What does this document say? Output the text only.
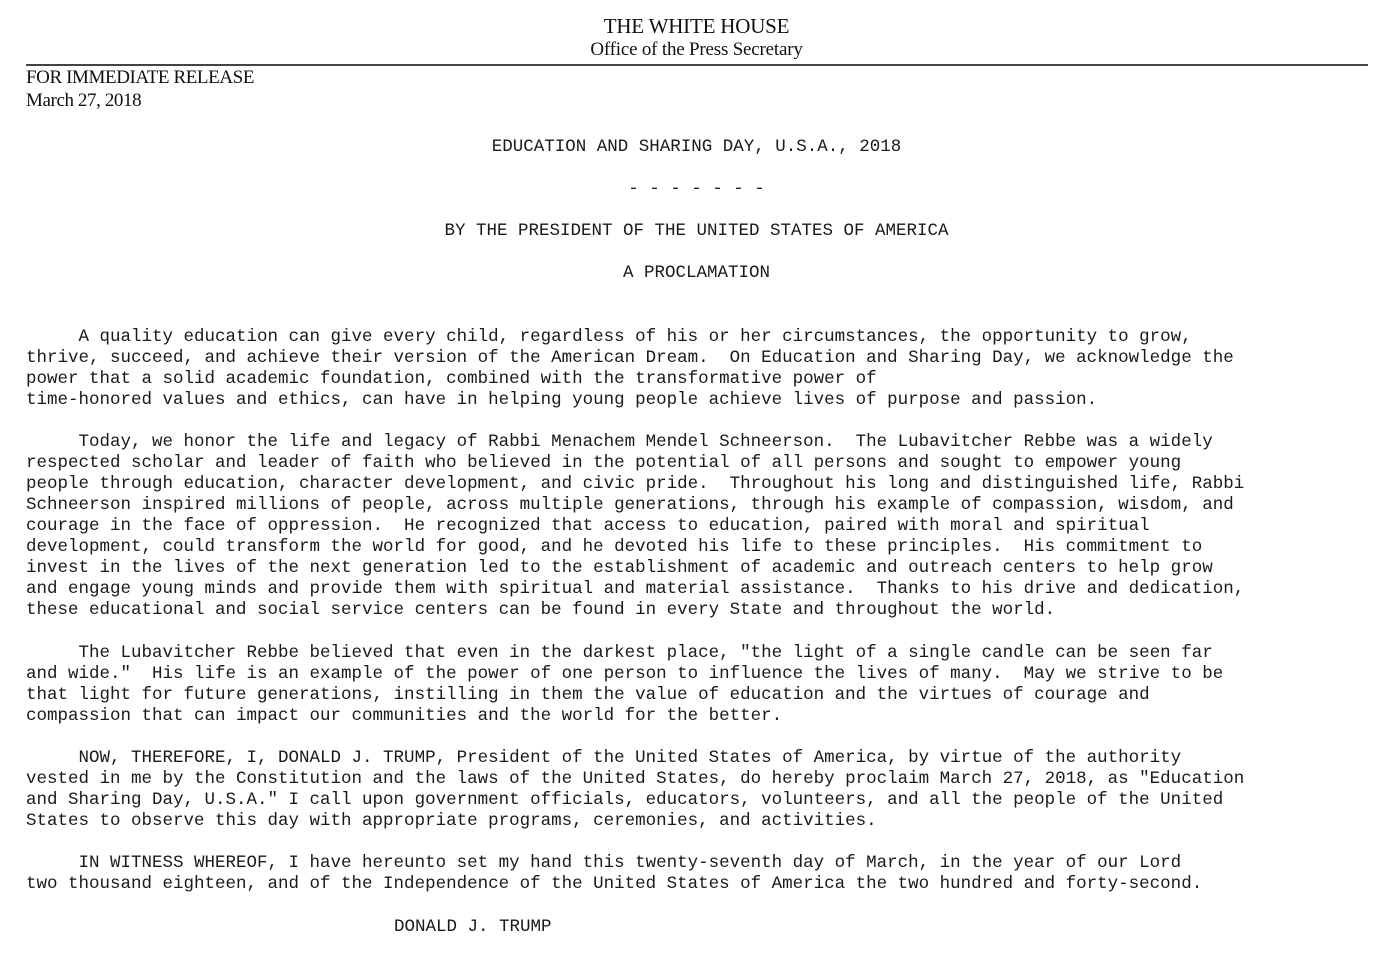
THE WHITE HOUSE
Office of the Press Secretary
FOR IMMEDIATE RELEASE
March 27, 2018
EDUCATION AND SHARING DAY, U.S.A., 2018
- - - - - - -
BY THE PRESIDENT OF THE UNITED STATES OF AMERICA
A PROCLAMATION
A quality education can give every child, regardless of his or her circumstances, the opportunity to grow,
thrive, succeed, and achieve their version of the American Dream.  On Education and Sharing Day, we acknowledge the
power that a solid academic foundation, combined with the transformative power of
time-honored values and ethics, can have in helping young people achieve lives of purpose and passion.
Today, we honor the life and legacy of Rabbi Menachem Mendel Schneerson.  The Lubavitcher Rebbe was a widely
respected scholar and leader of faith who believed in the potential of all persons and sought to empower young
people through education, character development, and civic pride.  Throughout his long and distinguished life, Rabbi
Schneerson inspired millions of people, across multiple generations, through his example of compassion, wisdom, and
courage in the face of oppression.  He recognized that access to education, paired with moral and spiritual
development, could transform the world for good, and he devoted his life to these principles.  His commitment to
invest in the lives of the next generation led to the establishment of academic and outreach centers to help grow
and engage young minds and provide them with spiritual and material assistance.  Thanks to his drive and dedication,
these educational and social service centers can be found in every State and throughout the world.
The Lubavitcher Rebbe believed that even in the darkest place, "the light of a single candle can be seen far
and wide."  His life is an example of the power of one person to influence the lives of many.  May we strive to be
that light for future generations, instilling in them the value of education and the virtues of courage and
compassion that can impact our communities and the world for the better.
NOW, THEREFORE, I, DONALD J. TRUMP, President of the United States of America, by virtue of the authority
vested in me by the Constitution and the laws of the United States, do hereby proclaim March 27, 2018, as "Education
and Sharing Day, U.S.A." I call upon government officials, educators, volunteers, and all the people of the United
States to observe this day with appropriate programs, ceremonies, and activities.
IN WITNESS WHEREOF, I have hereunto set my hand this twenty-seventh day of March, in the year of our Lord
two thousand eighteen, and of the Independence of the United States of America the two hundred and forty-second.
DONALD J. TRUMP
